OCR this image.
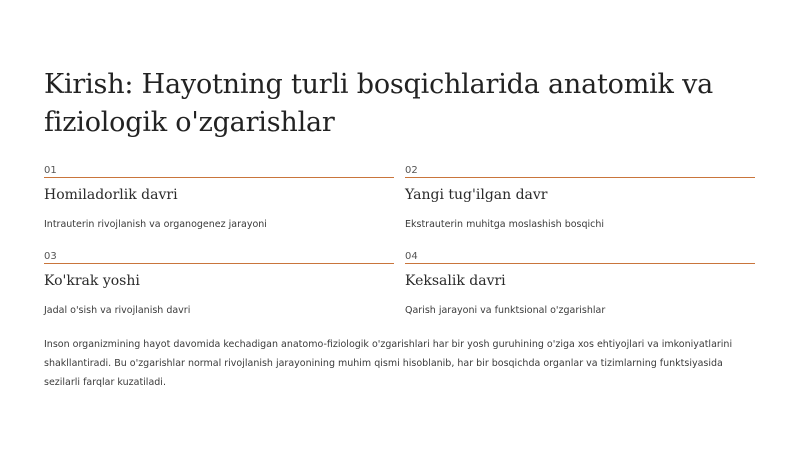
Kirish: Hayotning turli bosqichlarida anatomik va fiziologik o'zgarishlar
01
Homiladorlik davri
Intrauterin rivojlanish va organogenez jarayoni
02
Yangi tug'ilgan davr
Ekstrauterin muhitga moslashish bosqichi
03
Ko'krak yoshi
Jadal o'sish va rivojlanish davri
04
Keksalik davri
Qarish jarayoni va funktsional o'zgarishlar

Inson organizmining hayot davomida kechadigan anatomo-fiziologik o'zgarishlari har bir yosh guruhining o'ziga xos ehtiyojlari va imkoniyatlarini shakllantiradi. Bu o'zgarishlar normal rivojlanish jarayonining muhim qismi hisoblanib, har bir bosqichda organlar va tizimlarning funktsiyasida sezilarli farqlar kuzatiladi.
